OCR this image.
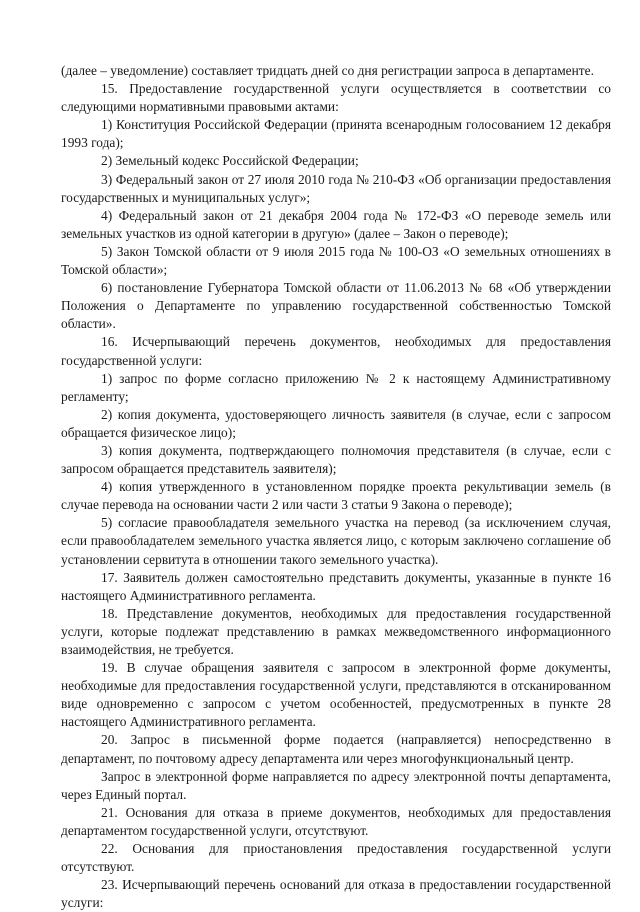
(далее – уведомление) составляет тридцать дней со дня регистрации запроса в департаменте.

15. Предоставление государственной услуги осуществляется в соответствии со следующими нормативными правовыми актами:

1) Конституция Российской Федерации (принята всенародным голосованием 12 декабря 1993 года);

2) Земельный кодекс Российской Федерации;

3) Федеральный закон от 27 июля 2010 года № 210-ФЗ «Об организации предоставления государственных и муниципальных услуг»;

4) Федеральный закон от 21 декабря 2004 года № 172-ФЗ «О переводе земель или земельных участков из одной категории в другую» (далее – Закон о переводе);

5) Закон Томской области от 9 июля 2015 года № 100-ОЗ «О земельных отношениях в Томской области»;

6) постановление Губернатора Томской области от 11.06.2013 № 68 «Об утверждении Положения о Департаменте по управлению государственной собственностью Томской области».

16. Исчерпывающий перечень документов, необходимых для предоставления государственной услуги:

1) запрос по форме согласно приложению № 2 к настоящему Административному регламенту;

2) копия документа, удостоверяющего личность заявителя (в случае, если с запросом обращается физическое лицо);

3) копия документа, подтверждающего полномочия представителя (в случае, если с запросом обращается представитель заявителя);

4) копия утвержденного в установленном порядке проекта рекультивации земель (в случае перевода на основании части 2 или части 3 статьи 9 Закона о переводе);

5) согласие правообладателя земельного участка на перевод (за исключением случая, если правообладателем земельного участка является лицо, с которым заключено соглашение об установлении сервитута в отношении такого земельного участка).

17. Заявитель должен самостоятельно представить документы, указанные в пункте 16 настоящего Административного регламента.

18. Представление документов, необходимых для предоставления государственной услуги, которые подлежат представлению в рамках межведомственного информационного взаимодействия, не требуется.

19. В случае обращения заявителя с запросом в электронной форме документы, необходимые для предоставления государственной услуги, представляются в отсканированном виде одновременно с запросом с учетом особенностей, предусмотренных в пункте 28 настоящего Административного регламента.

20. Запрос в письменной форме подается (направляется) непосредственно в департамент, по почтовому адресу департамента или через многофункциональный центр.

Запрос в электронной форме направляется по адресу электронной почты департамента, через Единый портал.

21. Основания для отказа в приеме документов, необходимых для предоставления департаментом государственной услуги, отсутствуют.

22. Основания для приостановления предоставления государственной услуги отсутствуют.

23. Исчерпывающий перечень оснований для отказа в предоставлении государственной услуги:
